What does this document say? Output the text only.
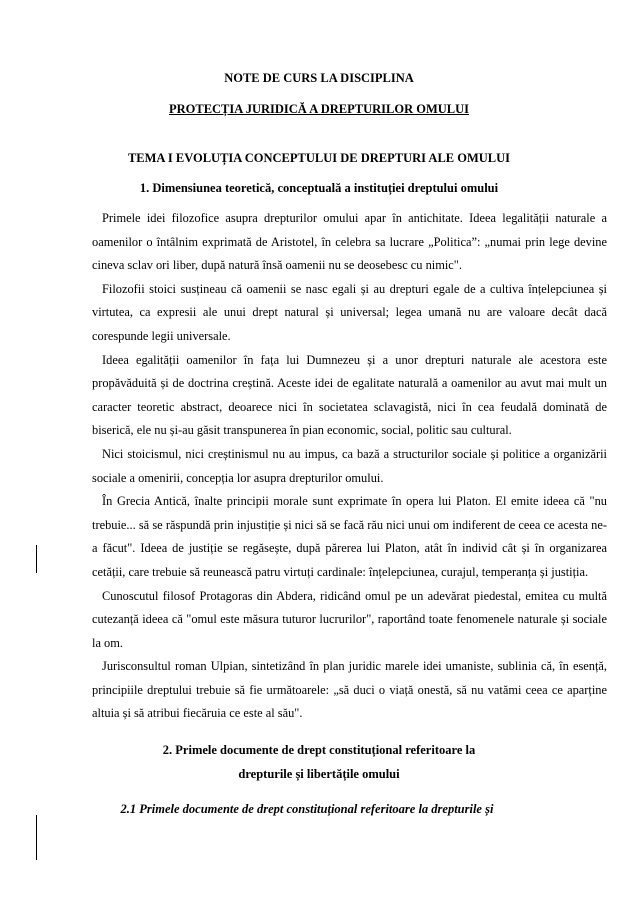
NOTE DE CURS LA DISCIPLINA
PROTECȚIA JURIDICĂ A DREPTURILOR OMULUI
TEMA I EVOLUȚIA CONCEPTULUI DE DREPTURI ALE OMULUI
1. Dimensiunea teoretică, conceptuală a instituției dreptului omului

Primele idei filozofice asupra drepturilor omului apar în antichitate. Ideea legalității naturale a oamenilor o întâlnim exprimată de Aristotel, în celebra sa lucrare „Politica”: „numai prin lege devine cineva sclav ori liber, după natură însă oamenii nu se deosebesc cu nimic".

Filozofii stoici susțineau că oamenii se nasc egali și au drepturi egale de a cultiva înțelepciunea și virtutea, ca expresii ale unui drept natural și universal; legea umană nu are valoare decât dacă corespunde legii universale.

Ideea egalității oamenilor în fața lui Dumnezeu și a unor drepturi naturale ale acestora este propăvăduită și de doctrina creștină. Aceste idei de egalitate naturală a oamenilor au avut mai mult un caracter teoretic abstract, deoarece nici în societatea sclavagistă, nici în cea feudală dominată de biserică, ele nu și-au găsit transpunerea în pian economic, social, politic sau cultural.

Nici stoicismul, nici creștinismul nu au impus, ca bază a structurilor sociale și politice a organizării sociale a omenirii, concepția lor asupra drepturilor omului.

În Grecia Antică, înalte principii morale sunt exprimate în opera lui Platon. El emite ideea că "nu trebuie... să se răspundă prin injustiție și nici să se facă rău nici unui om indiferent de ceea ce acesta ne-a făcut". Ideea de justiție se regăsește, după părerea lui Platon, atât în individ cât și în organizarea cetății, care trebuie să reunească patru virtuți cardinale: înțelepciunea, curajul, temperanța și justiția.

Cunoscutul filosof Protagoras din Abdera, ridicând omul pe un adevărat piedestal, emitea cu multă cutezanță ideea că "omul este măsura tuturor lucrurilor", raportând toate fenomenele naturale și sociale la om.

Jurisconsultul roman Ulpian, sintetizând în plan juridic marele idei umaniste, sublinia că, în esență, principiile dreptului trebuie să fie următoarele: „să duci o viață onestă, să nu vatămi ceea ce aparține altuia și să atribui fiecăruia ce este al său".

2. Primele documente de drept constituțional referitoare la
drepturile și libertățile omului
2.1 Primele documente de drept constituțional referitoare la drepturile și
